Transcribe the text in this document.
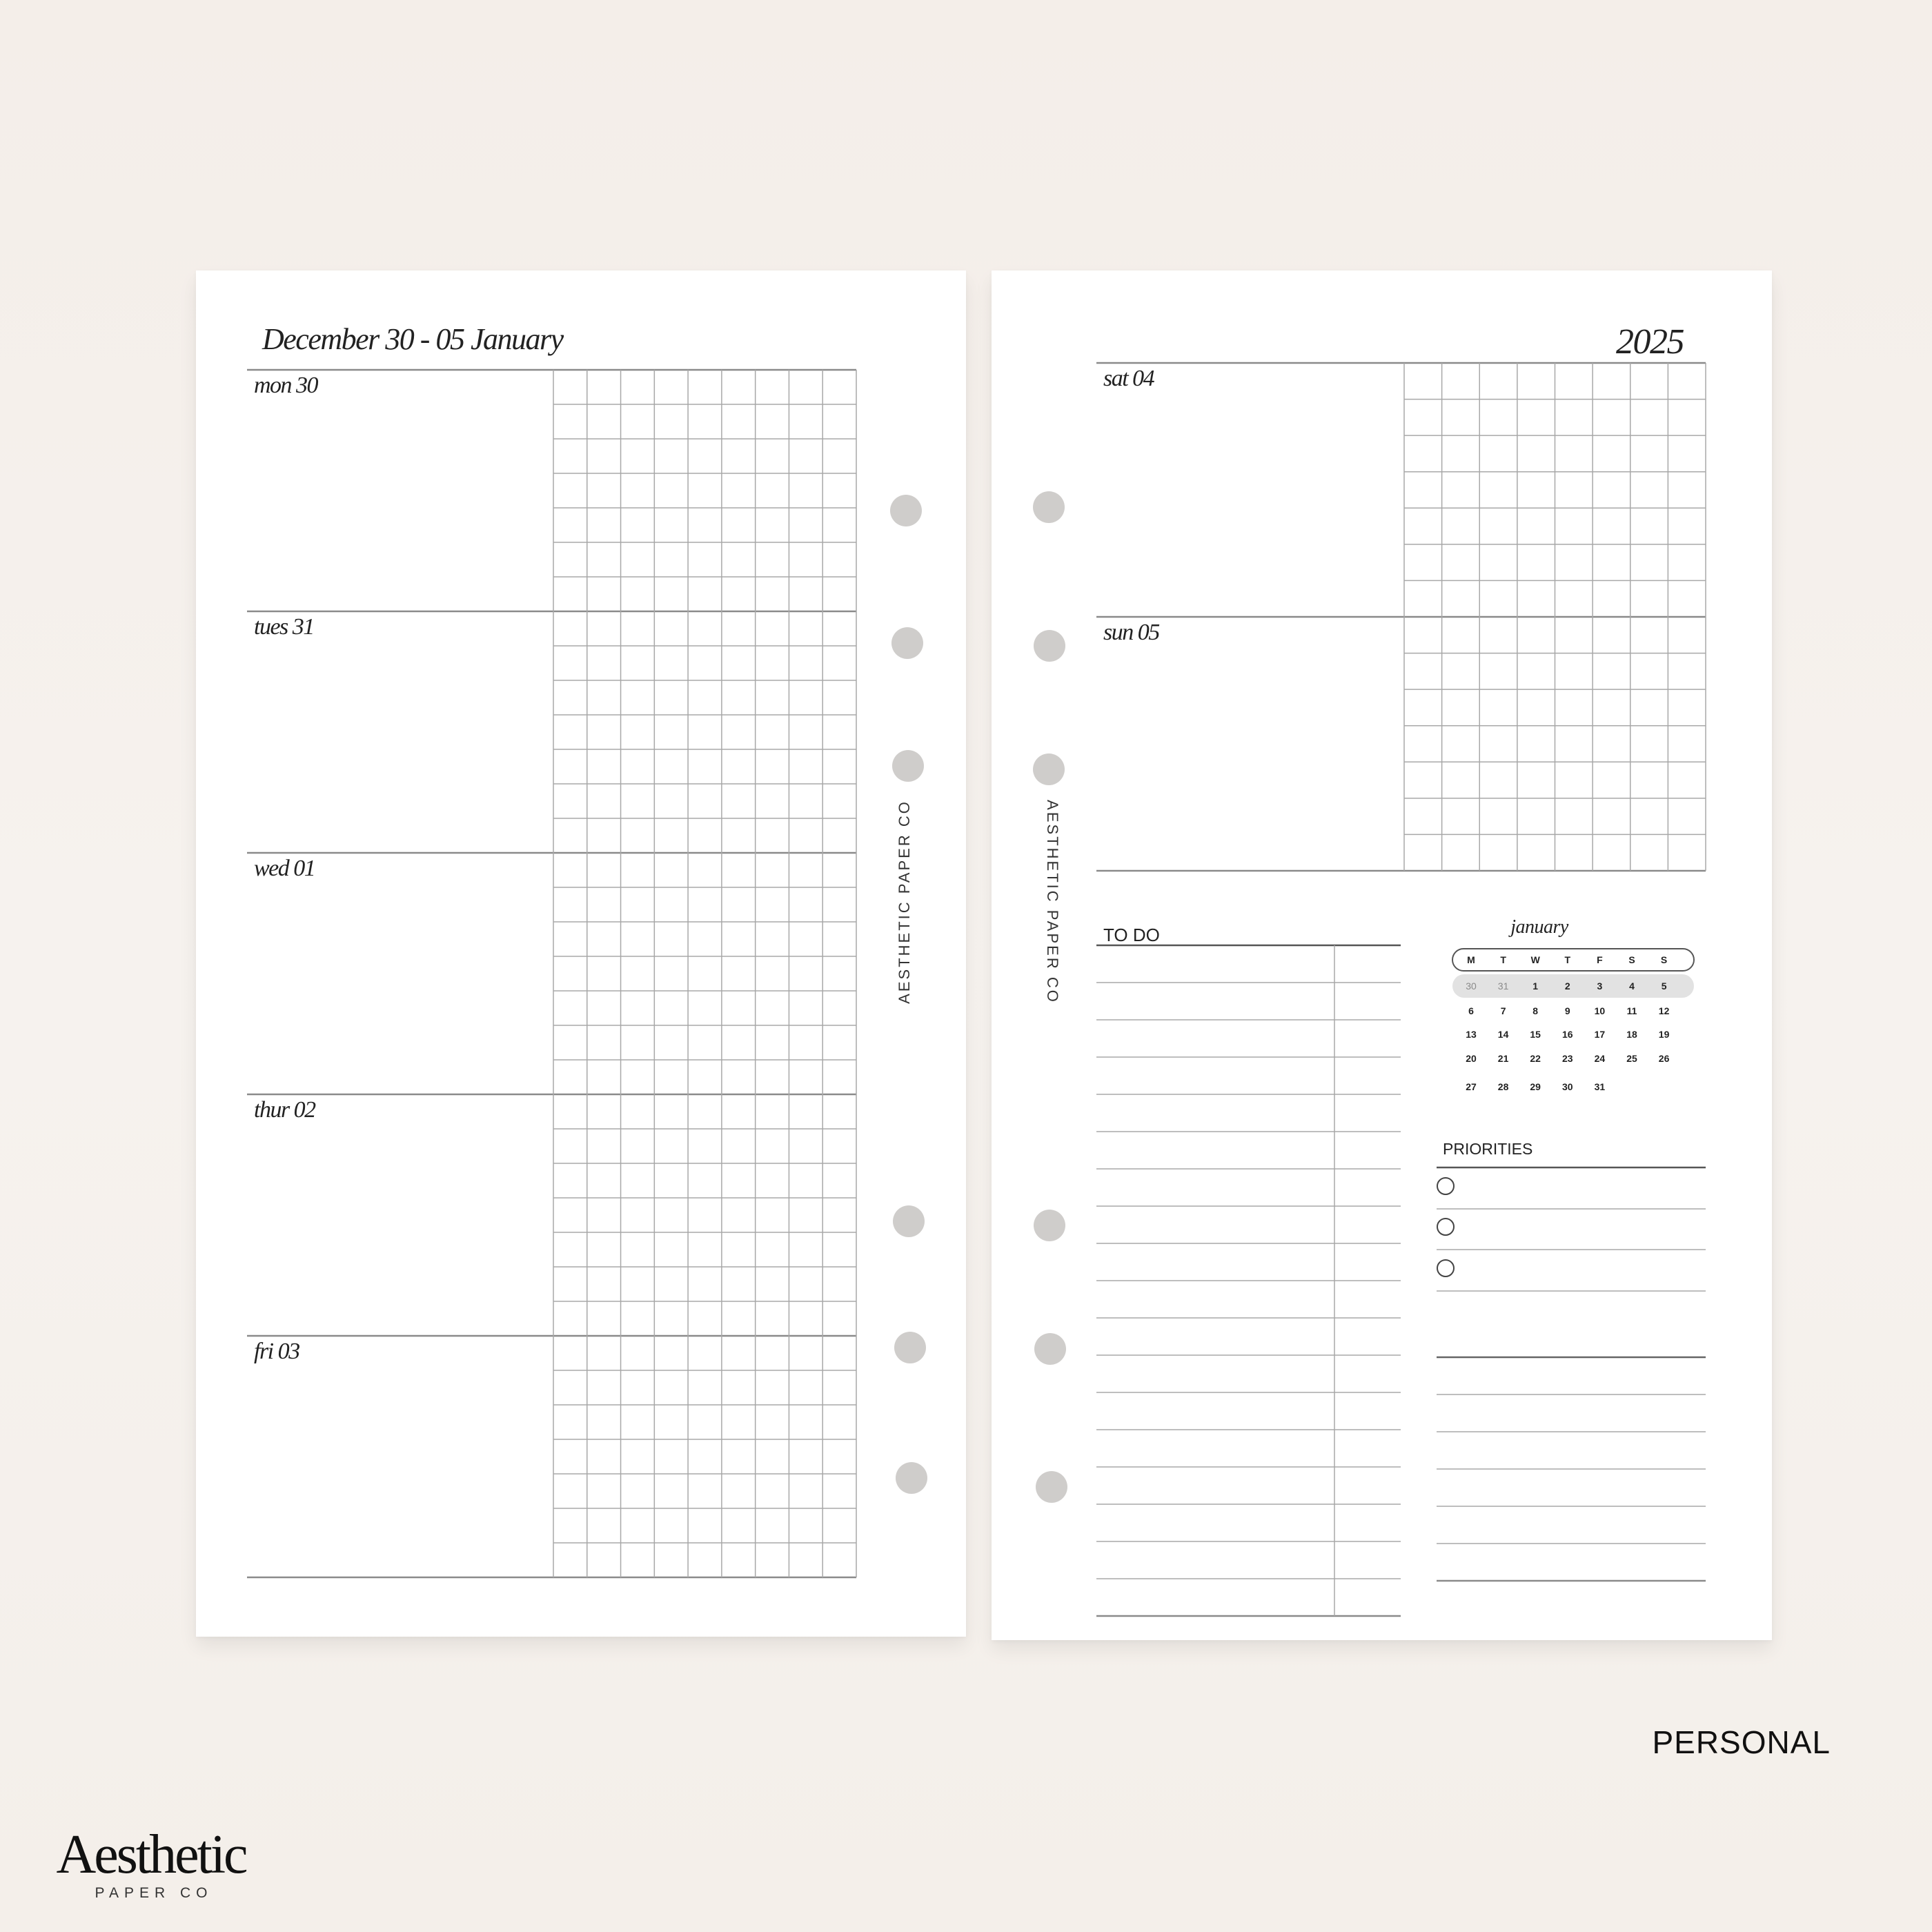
December 30 - 05 January
mon 30
tues 31
wed 01
thur 02
fri 03
AESTHETIC PAPER CO
2025
sat 04
sun 05
AESTHETIC PAPER CO TO DO	january
M	T	W	T	F	S	S
30	31	1	2	3	4	5
6	7	8	9	10	11	12
13	14	15	16	17	18	19
20	21	22	23	24	25	26
27	28	29	30	31
PRIORITIES
PERSONAL
Aesthetic
PAPER CO
